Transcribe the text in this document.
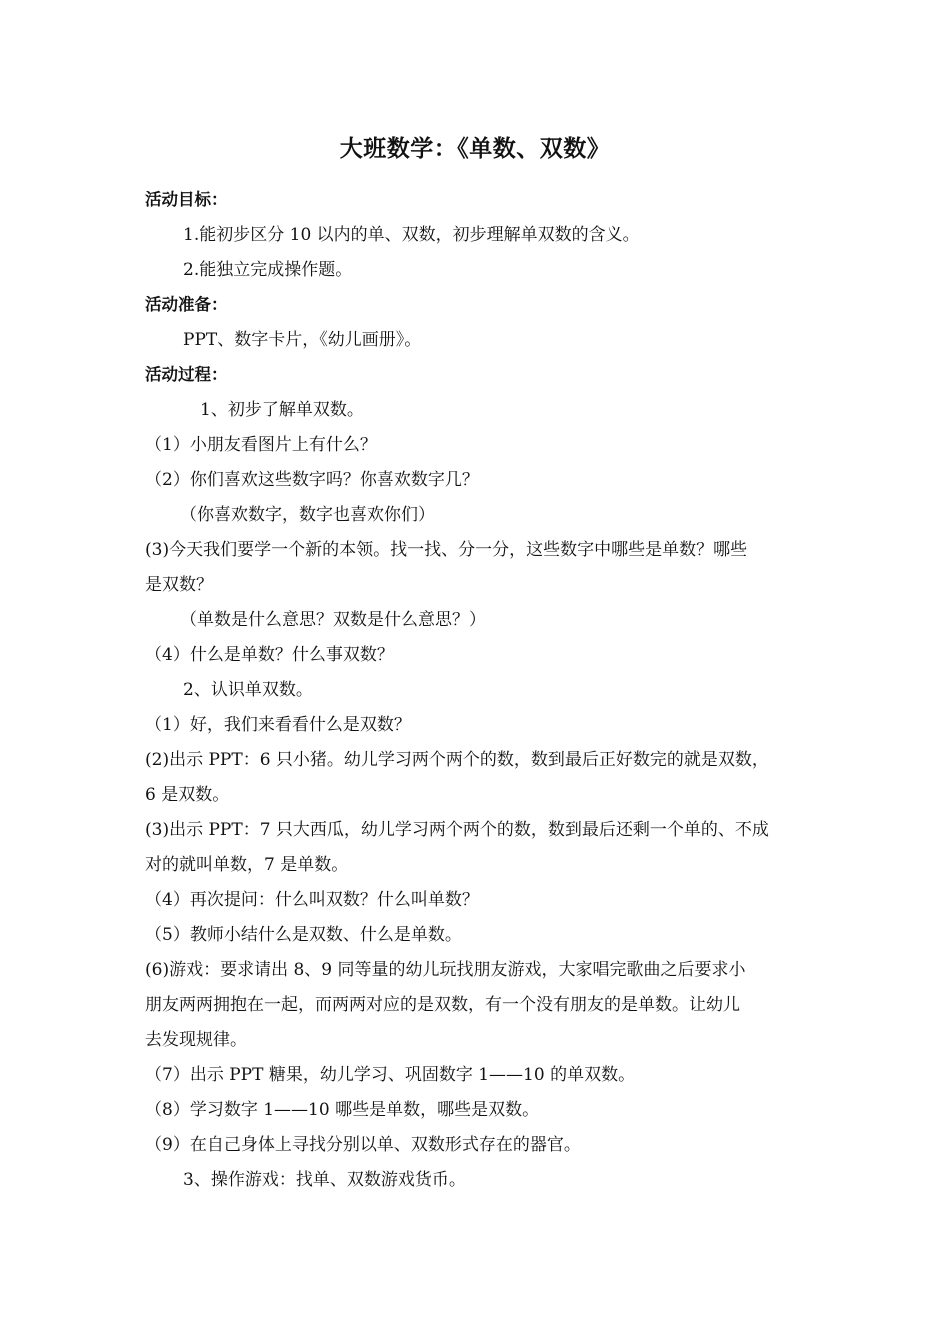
大班数学：《单数、双数》
活动目标：
1.能初步区分 10 以内的单、双数，初步理解单双数的含义。
2.能独立完成操作题。
活动准备：
PPT、数字卡片，《幼儿画册》。
活动过程：
1、初步了解单双数。
（1）小朋友看图片上有什么？
（2）你们喜欢这些数字吗？你喜欢数字几？
（你喜欢数字，数字也喜欢你们）
(3)今天我们要学一个新的本领。找一找、分一分，这些数字中哪些是单数？哪些
是双数？
（单数是什么意思？双数是什么意思？）
（4）什么是单数？什么事双数？
2、认识单双数。
（1）好，我们来看看什么是双数？
(2)出示 PPT：6 只小猪。幼儿学习两个两个的数，数到最后正好数完的就是双数，
6 是双数。
(3)出示 PPT：7 只大西瓜，幼儿学习两个两个的数，数到最后还剩一个单的、不成
对的就叫单数，7 是单数。
（4）再次提问：什么叫双数？什么叫单数？
（5）教师小结什么是双数、什么是单数。
(6)游戏：要求请出 8、9 同等量的幼儿玩找朋友游戏，大家唱完歌曲之后要求小
朋友两两拥抱在一起，而两两对应的是双数，有一个没有朋友的是单数。让幼儿
去发现规律。
（7）出示 PPT 糖果，幼儿学习、巩固数字 1——10 的单双数。
（8）学习数字 1——10 哪些是单数，哪些是双数。
（9）在自己身体上寻找分别以单、双数形式存在的器官。
3、操作游戏：找单、双数游戏货币。
